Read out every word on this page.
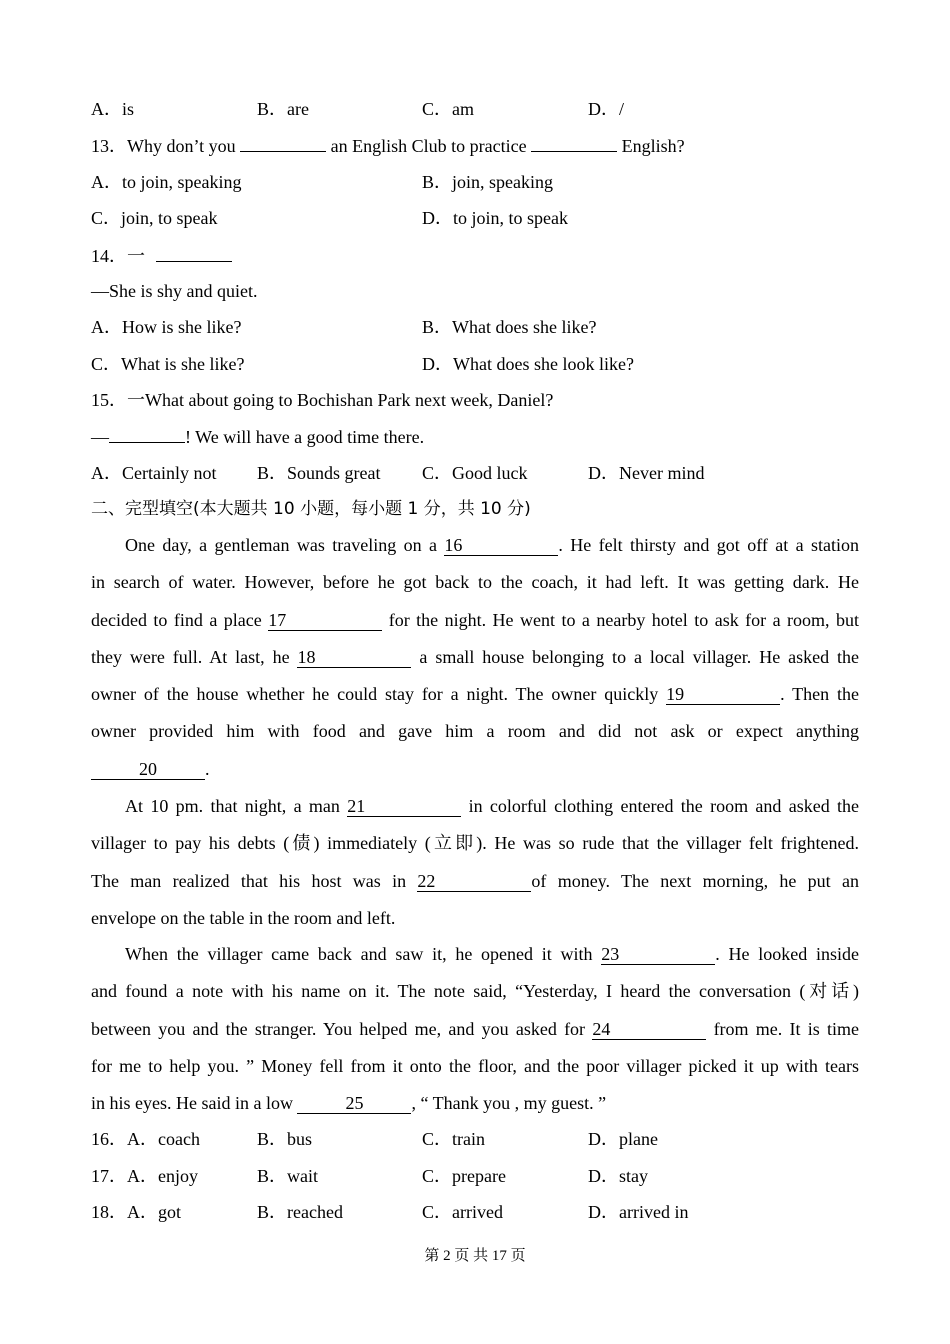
A．is	B．are	C．am	D．/
13．Why don’t you	an English Club to practice	English?
A．to join, speaking	B．join, speaking
C．join, to speak	D．to join, to speak
14．一
—She is shy and quiet.
A．How is she like?	B．What does she like?
C．What is she like?	D．What does she look like?
15．一What about going to Bochishan Park next week, Daniel?
—	! We will have a good time there.
A．Certainly not B．Sounds great C．Good luck	D．Never mind
二、完型填空(本大题共 10 小题，每小题 1 分，共 10 分)
One day, a gentleman was traveling on a 16	. He felt thirsty and got off at a station
in search of water. However, before he got back to the coach, it had left. It was getting dark. He
decided to find a place 17	for the night. He went to a nearby hotel to ask for a room, but
they were full. At last, he 18	a small house belonging to a local villager. He asked the
owner of the house whether he could stay for a night. The owner quickly 19	. Then the
owner provided him with food and gave him a room and did not ask or expect anything
20	.
At 10 pm. that night, a man 21	in colorful clothing entered the room and asked the
villager to pay his debts (债) immediately (立即). He was so rude that the villager felt frightened.
The man realized that his host was in 22	of money. The next morning, he put an
envelope on the table in the room and left.
When the villager came back and saw it, he opened it with 23	. He looked inside
and found a note with his name on it. The note said, “Yesterday, I heard the conversation (对话)
between you and the stranger. You helped me, and you asked for 24	from me. It is time
for me to help you. ” Money fell from it onto the floor, and the poor villager picked it up with tears
in his eyes. He said in a low	25	, “ Thank you , my guest. ”
16．A．coach	B．bus	C．train	D．plane
17．A．enjoy	B．wait	C．prepare	D．stay
18．A．got	B．reached	C．arrived	D．arrived in
第 2 页 共 17 页
